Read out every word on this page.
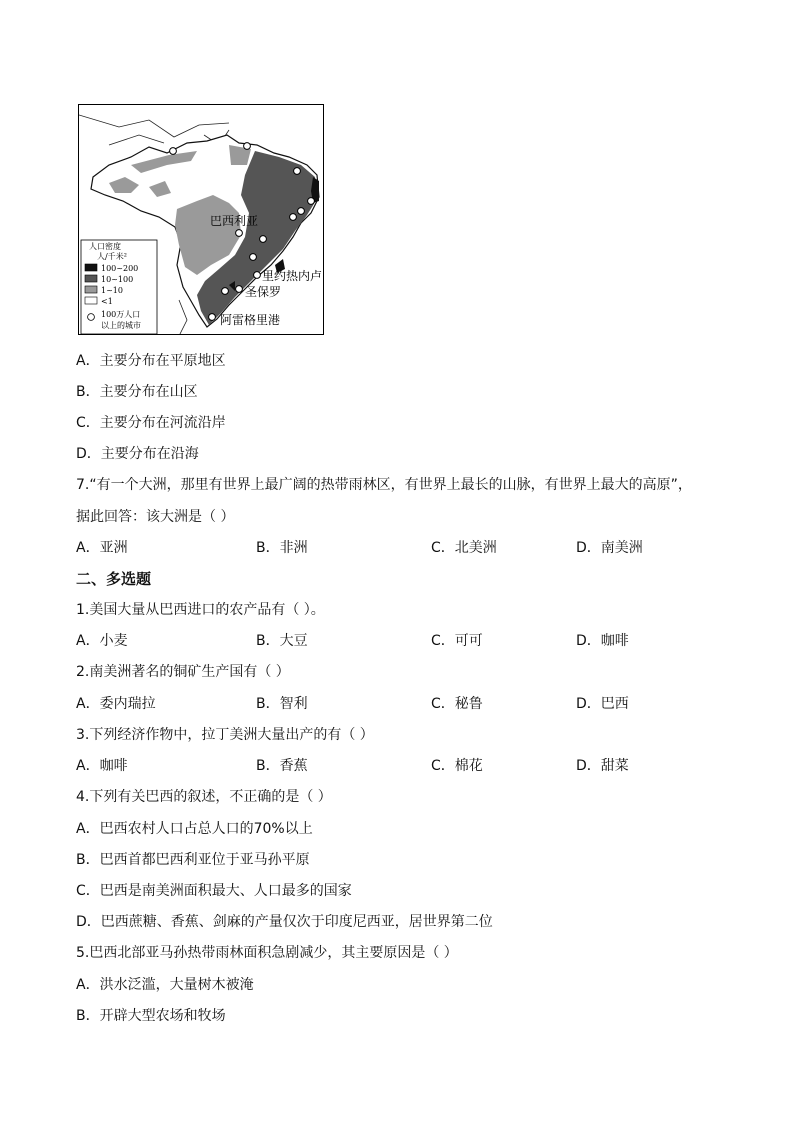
巴西利亚
里约热内卢
圣保罗
阿雷格里港
人口密度
人/千米²
100~200
10~100
1~10
<1
100万人口
以上的城市
A．主要分布在平原地区
B．主要分布在山区
C．主要分布在河流沿岸
D．主要分布在沿海
7.“有一个大洲，那里有世界上最广阔的热带雨林区，有世界上最长的山脉，有世界上最大的高原”，
据此回答：该大洲是（ ）
A．亚洲	B．非洲	C．北美洲	D．南美洲
二、多选题
1.美国大量从巴西进口的农产品有（ ）。
A．小麦	B．大豆	C．可可	D．咖啡
2.南美洲著名的铜矿生产国有（ ）
A．委内瑞拉	B．智利	C．秘鲁	D．巴西
3.下列经济作物中，拉丁美洲大量出产的有（ ）
A．咖啡	B．香蕉	C．棉花	D．甜菜
4.下列有关巴西的叙述，不正确的是（ ）
A．巴西农村人口占总人口的70%以上
B．巴西首都巴西利亚位于亚马孙平原
C．巴西是南美洲面积最大、人口最多的国家
D．巴西蔗糖、香蕉、剑麻的产量仅次于印度尼西亚，居世界第二位
5.巴西北部亚马孙热带雨林面积急剧减少，其主要原因是（ ）
A．洪水泛滥，大量树木被淹
B．开辟大型农场和牧场
